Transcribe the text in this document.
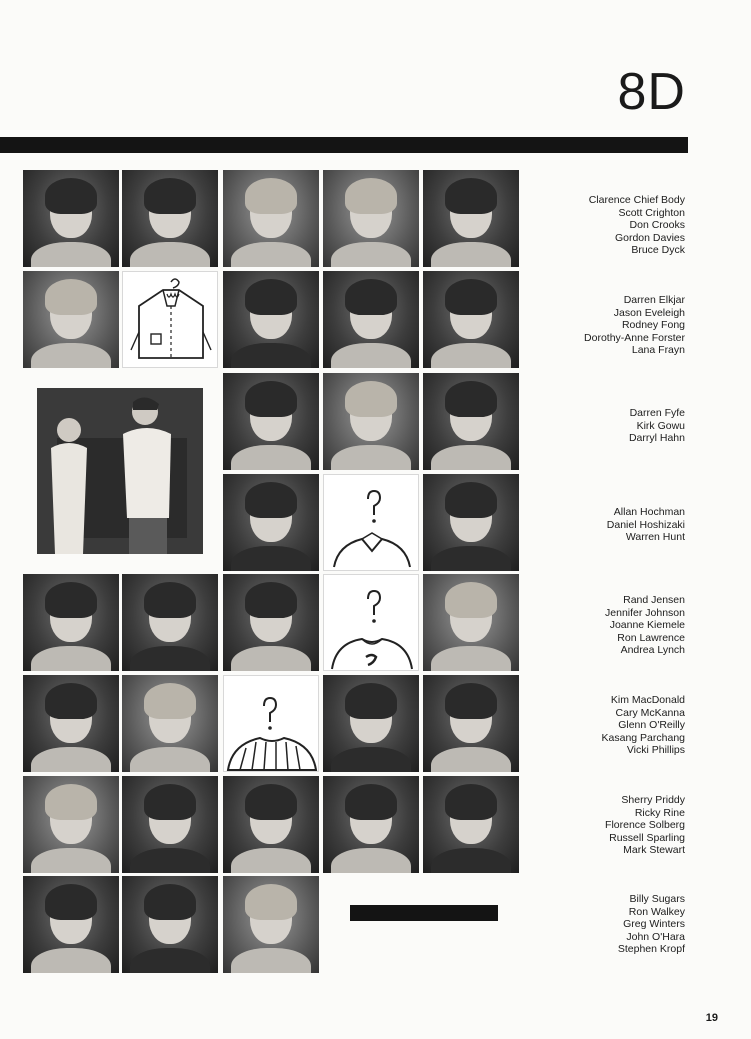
8D
Clarence Chief Body
Scott Crighton
Don Crooks
Gordon Davies
Bruce Dyck
Darren Elkjar
Jason Eveleigh
Rodney Fong
Dorothy-Anne Forster
Lana Frayn
Darren Fyfe
Kirk Gowu
Darryl Hahn
Allan Hochman
Daniel Hoshizaki
Warren Hunt
Rand Jensen
Jennifer Johnson
Joanne Kiemele
Ron Lawrence
Andrea Lynch
Kim MacDonald
Cary McKanna
Glenn O'Reilly
Kasang Parchang
Vicki Phillips
Sherry Priddy
Ricky Rine
Florence Solberg
Russell Sparling
Mark Stewart
Billy Sugars
Ron Walkey
Greg Winters
John O'Hara
Stephen Kropf
19
